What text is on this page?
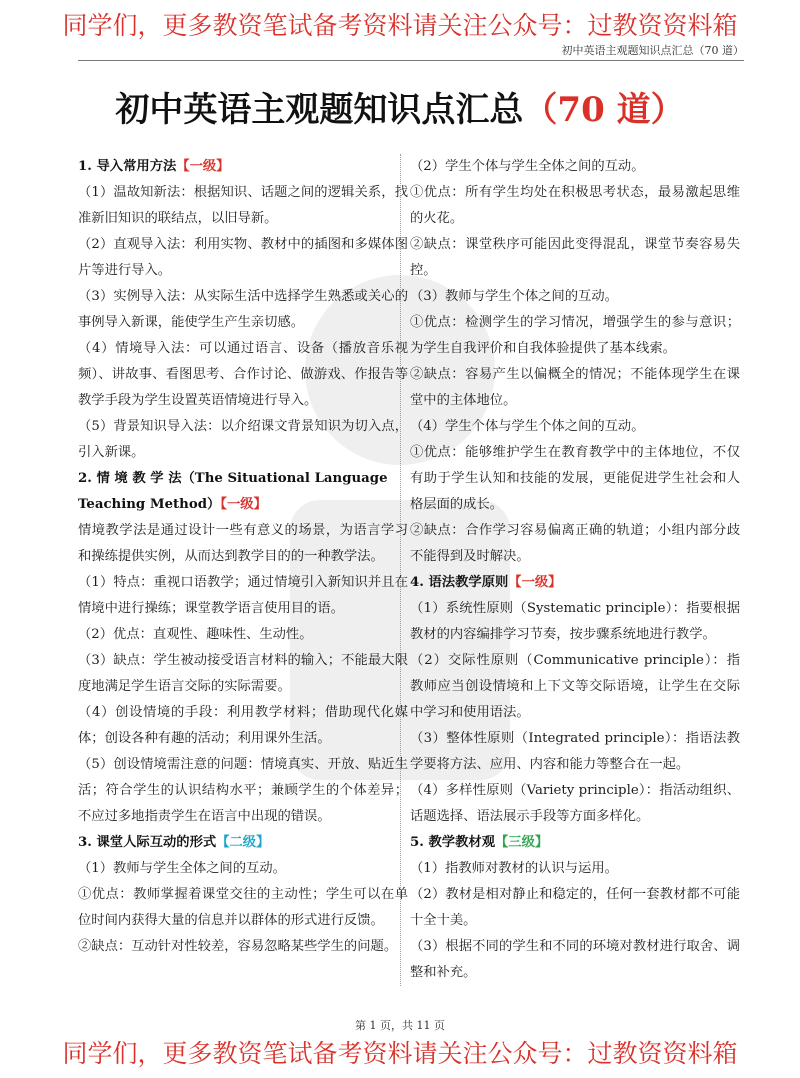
同学们，更多教资笔试备考资料请关注公众号：过教资资料箱
初中英语主观题知识点汇总（70 道）
初中英语主观题知识点汇总（70 道）
1. 导入常用方法【一级】

（1）温故知新法：根据知识、话题之间的逻辑关系，找准新旧知识的联结点，以旧导新。

（2）直观导入法：利用实物、教材中的插图和多媒体图片等进行导入。

（3）实例导入法：从实际生活中选择学生熟悉或关心的事例导入新课，能使学生产生亲切感。

（4）情境导入法：可以通过语言、设备（播放音乐视频）、讲故事、看图思考、合作讨论、做游戏、作报告等教学手段为学生设置英语情境进行导入。

（5）背景知识导入法：以介绍课文背景知识为切入点，引入新课。

2. 情 境 教 学 法（The Situational Language Teaching Method）【一级】

情境教学法是通过设计一些有意义的场景，为语言学习和操练提供实例，从而达到教学目的的一种教学法。

（1）特点：重视口语教学；通过情境引入新知识并且在情境中进行操练；课堂教学语言使用目的语。

（2）优点：直观性、趣味性、生动性。

（3）缺点：学生被动接受语言材料的输入；不能最大限度地满足学生语言交际的实际需要。

（4）创设情境的手段：利用教学材料；借助现代化媒体；创设各种有趣的活动；利用课外生活。

（5）创设情境需注意的问题：情境真实、开放、贴近生活；符合学生的认识结构水平；兼顾学生的个体差异；不应过多地指责学生在语言中出现的错误。

3. 课堂人际互动的形式【二级】

（1）教师与学生全体之间的互动。

①优点：教师掌握着课堂交往的主动性；学生可以在单位时间内获得大量的信息并以群体的形式进行反馈。

②缺点：互动针对性较差，容易忽略某些学生的问题。

（2）学生个体与学生全体之间的互动。

①优点：所有学生均处在积极思考状态，最易激起思维的火花。

②缺点：课堂秩序可能因此变得混乱，课堂节奏容易失控。

（3）教师与学生个体之间的互动。

①优点：检测学生的学习情况，增强学生的参与意识；为学生自我评价和自我体验提供了基本线索。

②缺点：容易产生以偏概全的情况；不能体现学生在课堂中的主体地位。

（4）学生个体与学生个体之间的互动。

①优点：能够维护学生在教育教学中的主体地位，不仅有助于学生认知和技能的发展，更能促进学生社会和人格层面的成长。

②缺点：合作学习容易偏离正确的轨道；小组内部分歧不能得到及时解决。

4. 语法教学原则【一级】

（1）系统性原则（Systematic principle）：指要根据教材的内容编排学习节奏，按步骤系统地进行教学。

（2）交际性原则（Communicative principle）：指教师应当创设情境和上下文等交际语境，让学生在交际中学习和使用语法。

（3）整体性原则（Integrated principle）：指语法教学要将方法、应用、内容和能力等整合在一起。

（4）多样性原则（Variety principle）：指活动组织、话题选择、语法展示手段等方面多样化。

5. 教学教材观【三级】

（1）指教师对教材的认识与运用。

（2）教材是相对静止和稳定的，任何一套教材都不可能十全十美。

（3）根据不同的学生和不同的环境对教材进行取舍、调整和补充。

第 1 页，共 11 页
同学们，更多教资笔试备考资料请关注公众号：过教资资料箱
